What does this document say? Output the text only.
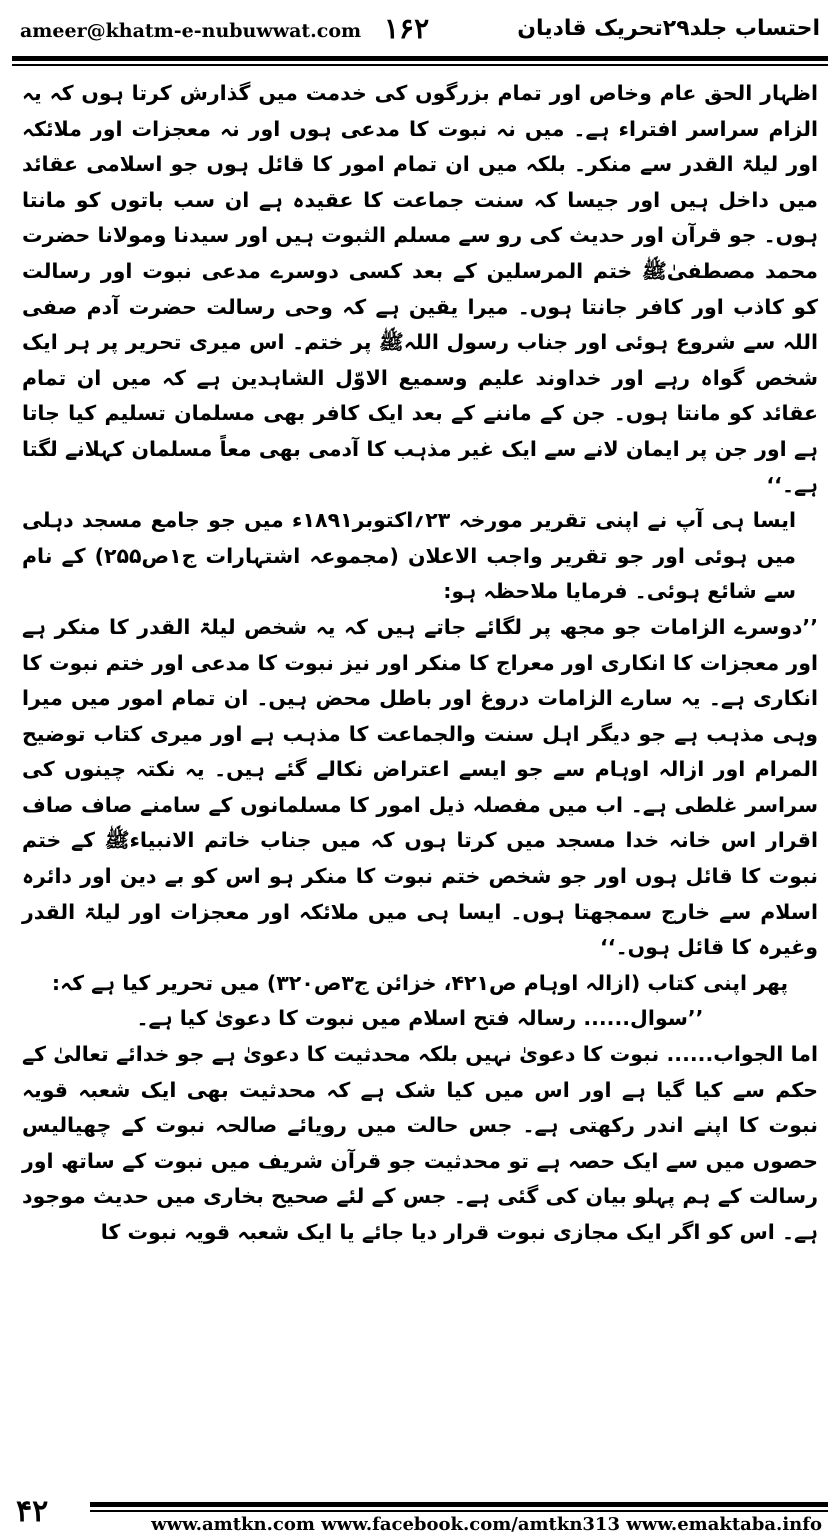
ameer@khatm-e-nubuwwat.com ۱۶۲	احتساب جلد۲۹تحریک قادیان

اظہار الحق عام وخاص اور تمام بزرگوں کی خدمت میں گذارش کرتا ہوں کہ یہ الزام سراسر افتراء ہے۔ میں نہ نبوت کا مدعی ہوں اور نہ معجزات اور ملائکہ اور لیلۃ القدر سے منکر۔ بلکہ میں ان تمام امور کا قائل ہوں جو اسلامی عقائد میں داخل ہیں اور جیسا کہ سنت جماعت کا عقیدہ ہے ان سب باتوں کو مانتا ہوں۔ جو قرآن اور حدیث کی رو سے مسلم الثبوت ہیں اور سیدنا ومولانا حضرت محمد مصطفیٰﷺ ختم المرسلین کے بعد کسی دوسرے مدعی نبوت اور رسالت کو کاذب اور کافر جانتا ہوں۔ میرا یقین ہے کہ وحی رسالت حضرت آدم صفی اللہ سے شروع ہوئی اور جناب رسول اللہﷺ پر ختم۔ اس میری تحریر پر ہر ایک شخص گواہ رہے اور خداوند علیم وسمیع الاوّل الشاہدین ہے کہ میں ان تمام عقائد کو مانتا ہوں۔ جن کے ماننے کے بعد ایک کافر بھی مسلمان تسلیم کیا جاتا ہے اور جن پر ایمان لانے سے ایک غیر مذہب کا آدمی بھی معاً مسلمان کہلانے لگتا ہے۔‘‘

ایسا ہی آپ نے اپنی تقریر مورخہ ۲۳؍اکتوبر۱۸۹۱ء میں جو جامع مسجد دہلی میں ہوئی اور جو تقریر واجب الاعلان (مجموعہ اشتہارات ج۱ص۲۵۵) کے نام سے شائع ہوئی۔ فرمایا ملاحظہ ہو:

’’دوسرے الزامات جو مجھ پر لگائے جاتے ہیں کہ یہ شخص لیلۃ القدر کا منکر ہے اور معجزات کا انکاری اور معراج کا منکر اور نیز نبوت کا مدعی اور ختم نبوت کا انکاری ہے۔ یہ سارے الزامات دروغ اور باطل محض ہیں۔ ان تمام امور میں میرا وہی مذہب ہے جو دیگر اہل سنت والجماعت کا مذہب ہے اور میری کتاب توضیح المرام اور ازالہ اوہام سے جو ایسے اعتراض نکالے گئے ہیں۔ یہ نکتہ چینوں کی سراسر غلطی ہے۔ اب میں مفصلہ ذیل امور کا مسلمانوں کے سامنے صاف صاف اقرار اس خانہ خدا مسجد میں کرتا ہوں کہ میں جناب خاتم الانبیاءﷺ کے ختم نبوت کا قائل ہوں اور جو شخص ختم نبوت کا منکر ہو اس کو بے دین اور دائرہ اسلام سے خارج سمجھتا ہوں۔ ایسا ہی میں ملائکہ اور معجزات اور لیلۃ القدر وغیرہ کا قائل ہوں۔‘‘

پھر اپنی کتاب (ازالہ اوہام ص۴۲۱، خزائن ج۳ص۳۲۰) میں تحریر کیا ہے کہ:

’’سوال...... رسالہ فتح اسلام میں نبوت کا دعویٰ کیا ہے۔

اما الجواب...... نبوت کا دعویٰ نہیں بلکہ محدثیت کا دعویٰ ہے جو خدائے تعالیٰ کے حکم سے کیا گیا ہے اور اس میں کیا شک ہے کہ محدثیت بھی ایک شعبہ قویہ نبوت کا اپنے اندر رکھتی ہے۔ جس حالت میں رویائے صالحہ نبوت کے چھیالیس حصوں میں سے ایک حصہ ہے تو محدثیت جو قرآن شریف میں نبوت کے ساتھ اور رسالت کے ہم پہلو بیان کی گئی ہے۔ جس کے لئے صحیح بخاری میں حدیث موجود ہے۔ اس کو اگر ایک مجازی نبوت قرار دیا جائے یا ایک شعبہ قویہ نبوت کا

۴۲	www.amtkn.com www.facebook.com/amtkn313 www.emaktaba.info
